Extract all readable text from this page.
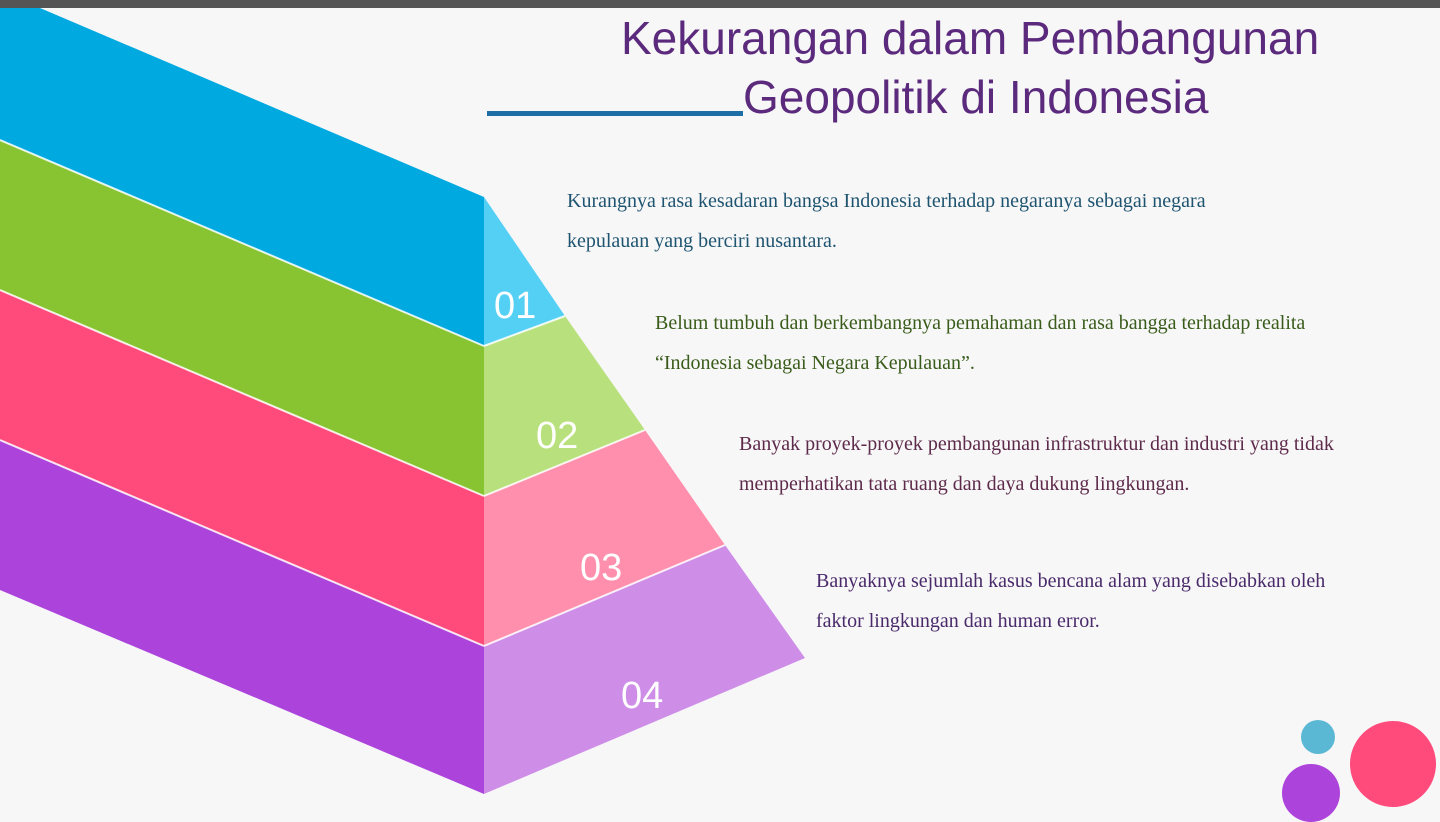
Kekurangan dalam Pembangunan
Geopolitik di Indonesia
01
02
03
04

Kurangnya rasa kesadaran bangsa Indonesia terhadap negaranya sebagai negara
kepulauan yang berciri nusantara.

Belum tumbuh dan berkembangnya pemahaman dan rasa bangga terhadap realita
“Indonesia sebagai Negara Kepulauan”.

Banyak proyek-proyek pembangunan infrastruktur dan industri yang tidak
memperhatikan tata ruang dan daya dukung lingkungan.

Banyaknya sejumlah kasus bencana alam yang disebabkan oleh
faktor lingkungan dan human error.
